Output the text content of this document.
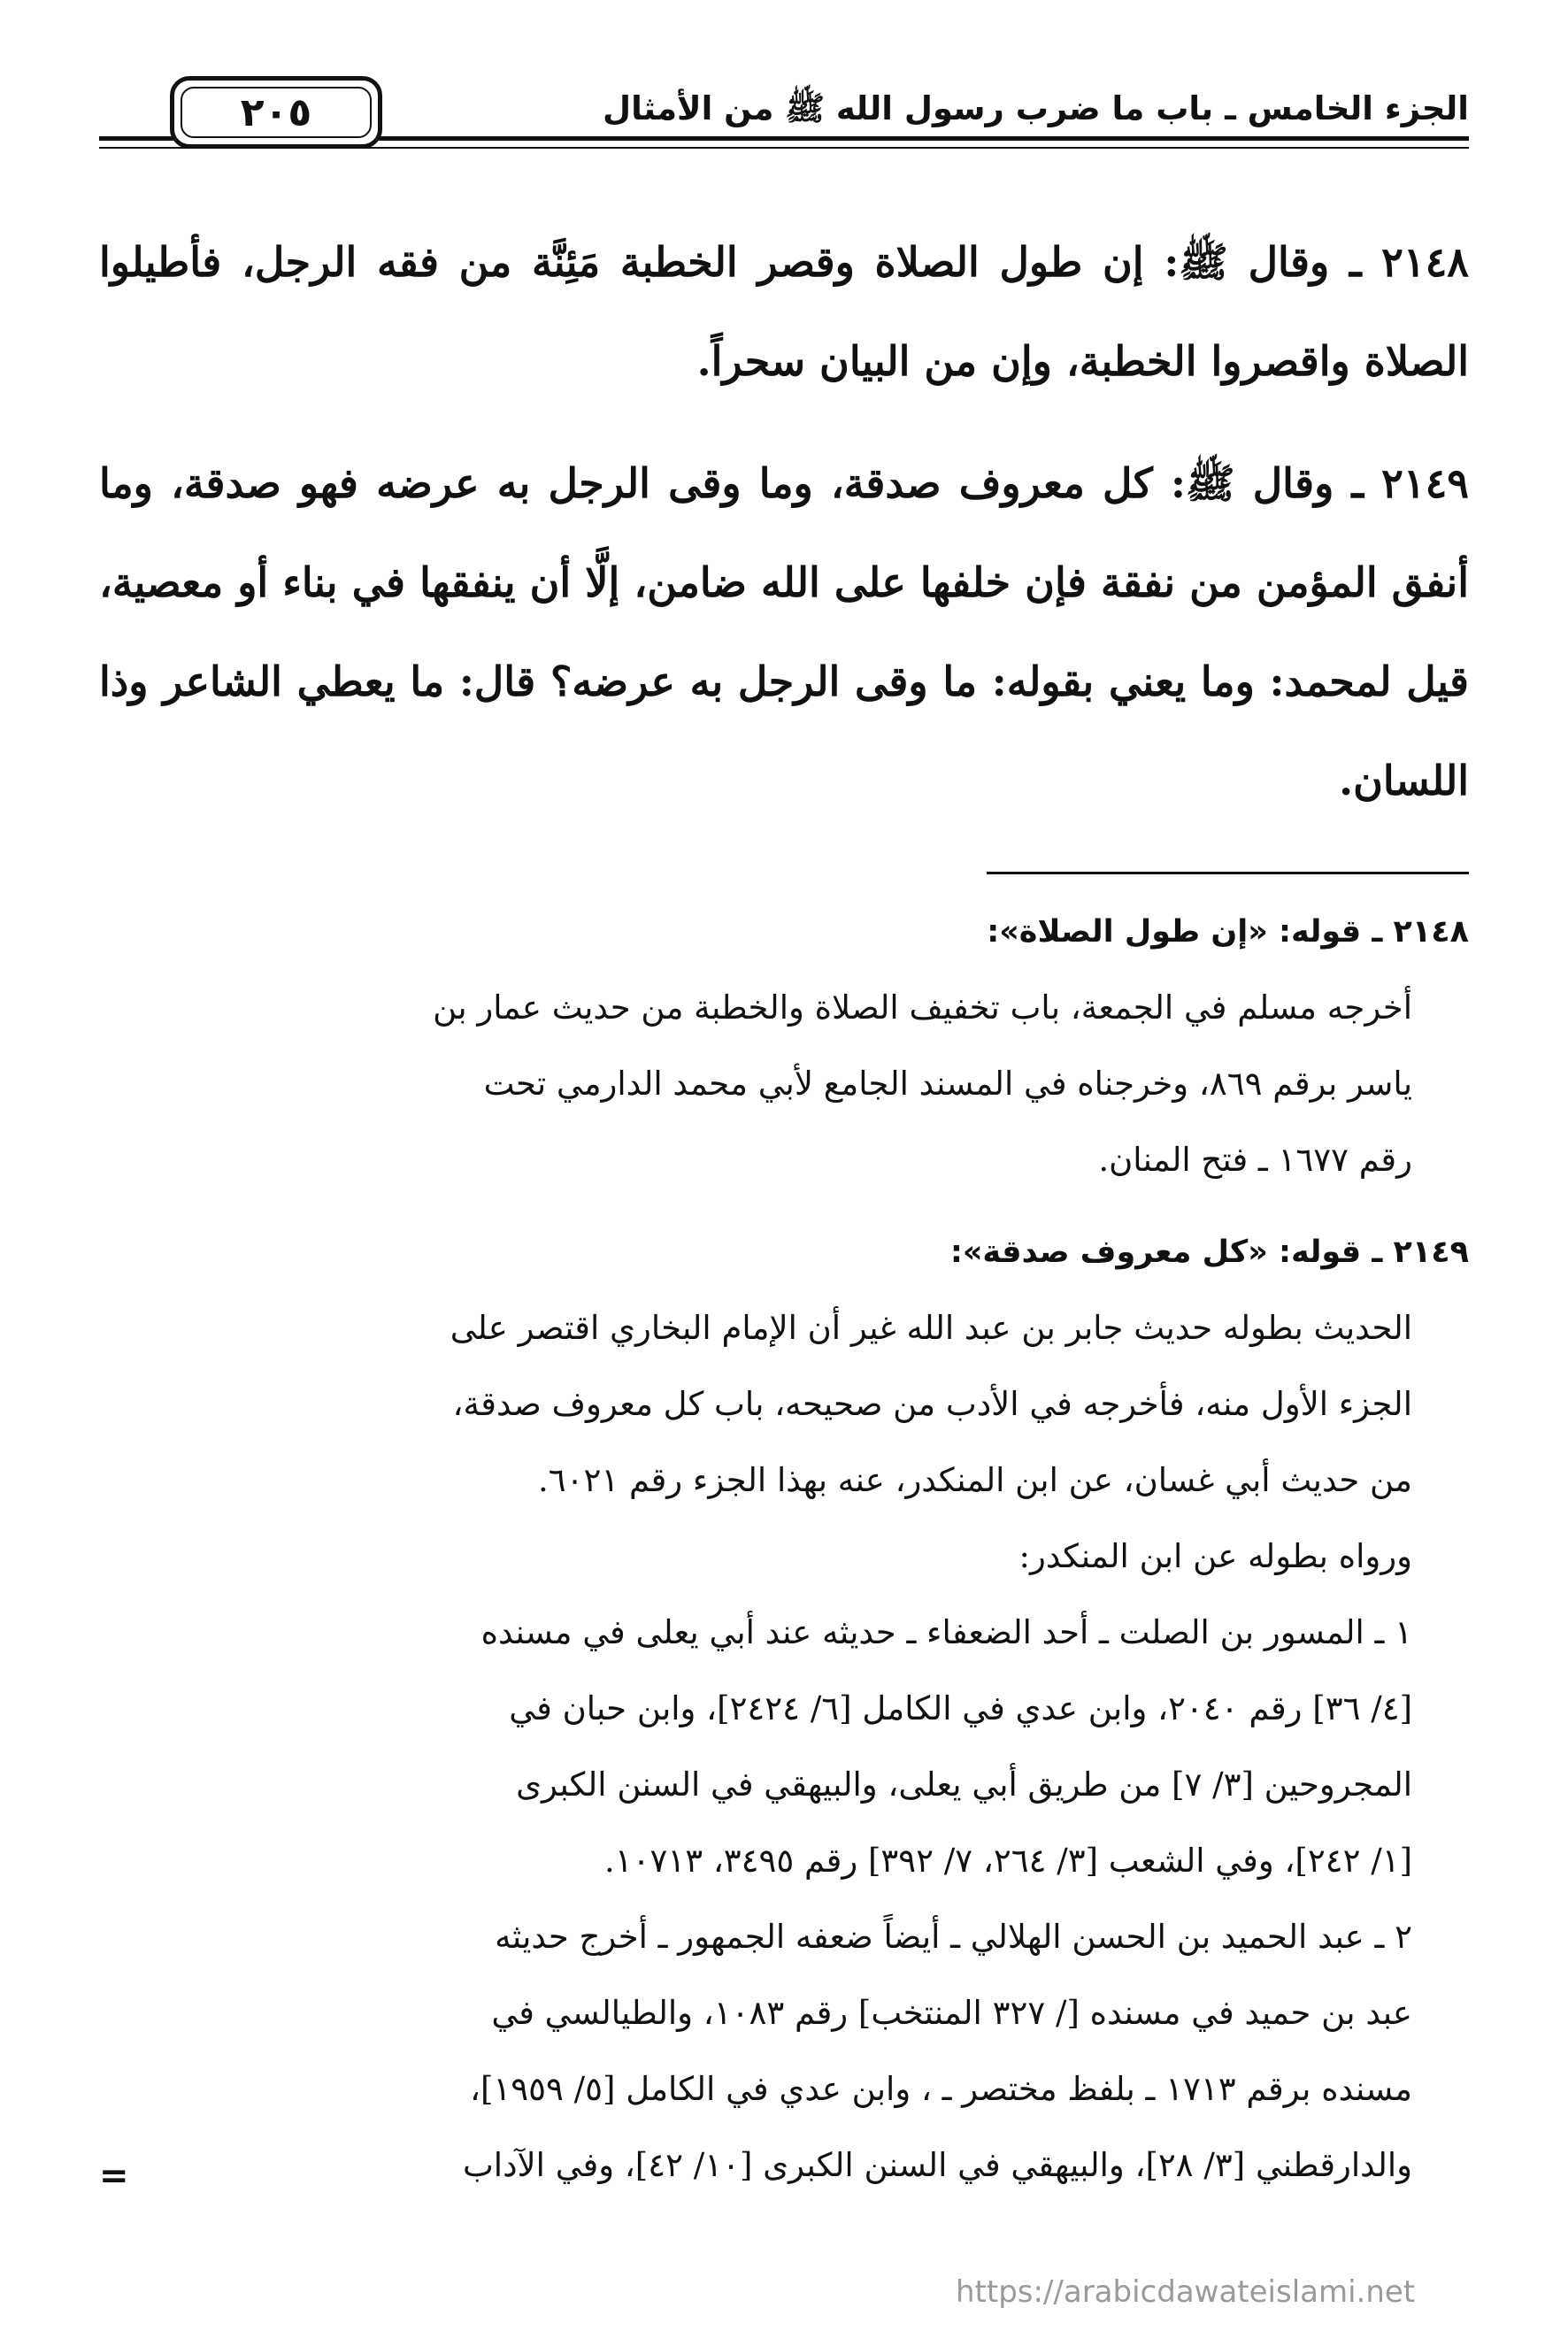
الجزء الخامس ـ باب ما ضرب رسول الله ﷺ من الأمثال
٢٠٥

٢١٤٨ ـ وقال ﷺ: إن طول الصلاة وقصر الخطبة مَئِنَّة من فقه الرجل، فأطيلوا الصلاة واقصروا الخطبة، وإن من البيان سحراً.

٢١٤٩ ـ وقال ﷺ: كل معروف صدقة، وما وقى الرجل به عرضه فهو صدقة، وما أنفق المؤمن من نفقة فإن خلفها على الله ضامن، إلَّا أن ينفقها في بناء أو معصية، قيل لمحمد: وما يعني بقوله: ما وقى الرجل به عرضه؟ قال: ما يعطي الشاعر وذا اللسان.

٢١٤٨ ـ قوله: «إن طول الصلاة»:

أخرجه مسلم في الجمعة، باب تخفيف الصلاة والخطبة من حديث عمار بن

ياسر برقم ٨٦٩، وخرجناه في المسند الجامع لأبي محمد الدارمي تحت

رقم ١٦٧٧ ـ فتح المنان.

٢١٤٩ ـ قوله: «كل معروف صدقة»:

الحديث بطوله حديث جابر بن عبد الله غير أن الإمام البخاري اقتصر على

الجزء الأول منه، فأخرجه في الأدب من صحيحه، باب كل معروف صدقة،

من حديث أبي غسان، عن ابن المنكدر، عنه بهذا الجزء رقم ٦٠٢١.

ورواه بطوله عن ابن المنكدر:

١ ـ المسور بن الصلت ـ أحد الضعفاء ـ حديثه عند أبي يعلى في مسنده

[٤/ ٣٦] رقم ٢٠٤٠، وابن عدي في الكامل [٦/ ٢٤٢٤]، وابن حبان في

المجروحين [٣/ ٧] من طريق أبي يعلى، والبيهقي في السنن الكبرى

[١/ ٢٤٢]، وفي الشعب [٣/ ٢٦٤، ٧/ ٣٩٢] رقم ٣٤٩٥، ١٠٧١٣.

٢ ـ عبد الحميد بن الحسن الهلالي ـ أيضاً ضعفه الجمهور ـ أخرج حديثه

عبد بن حميد في مسنده [/ ٣٢٧ المنتخب] رقم ١٠٨٣، والطيالسي في

مسنده برقم ١٧١٣ ـ بلفظ مختصر ـ ، وابن عدي في الكامل [٥/ ١٩٥٩]،

والدارقطني [٣/ ٢٨]، والبيهقي في السنن الكبرى [١٠/ ٤٢]، وفي الآداب

=
https://arabicdawateislami.net
